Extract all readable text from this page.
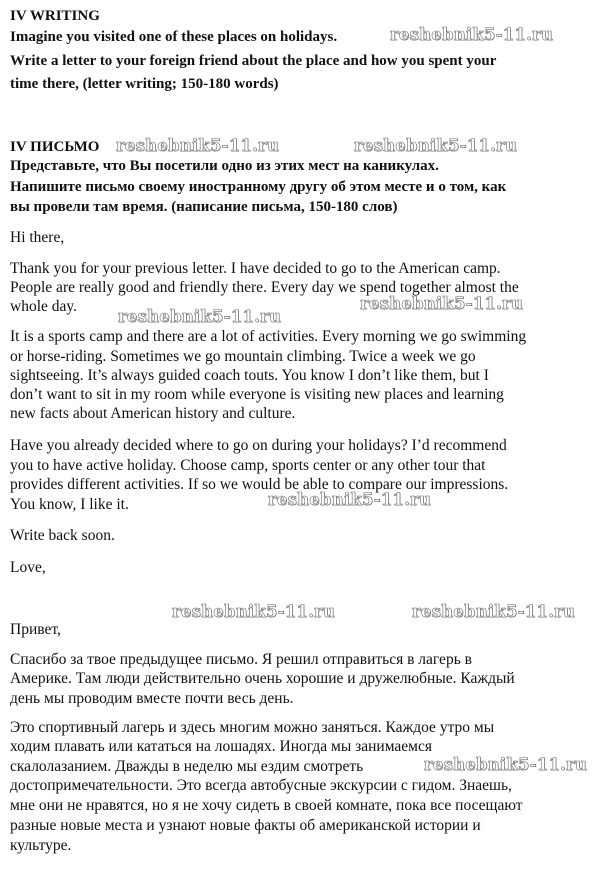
IV WRITING
Imagine you visited one of these places on holidays.
Write a letter to your foreign friend about the place and how you spent your
time there, (letter writing; 150-180 words)
IV ПИСЬМО
Представьте, что Вы посетили одно из этих мест на каникулах.
Напишите письмо своему иностранному другу об этом месте и о том, как
вы провели там время. (написание письма, 150-180 слов)
Hi there,
Thank you for your previous letter. I have decided to go to the American camp.
People are really good and friendly there. Every day we spend together almost the
whole day.
It is a sports camp and there are a lot of activities. Every morning we go swimming
or horse-riding. Sometimes we go mountain climbing. Twice a week we go
sightseeing. It’s always guided coach touts. You know I don’t like them, but I
don’t want to sit in my room while everyone is visiting new places and learning
new facts about American history and culture.
Have you already decided where to go on during your holidays? I’d recommend
you to have active holiday. Choose camp, sports center or any other tour that
provides different activities. If so we would be able to compare our impressions.
You know, I like it.
Write back soon.
Love,
Привет,
Спасибо за твое предыдущее письмо. Я решил отправиться в лагерь в
Америке. Там люди действительно очень хорошие и дружелюбные. Каждый
день мы проводим вместе почти весь день.
Это спортивный лагерь и здесь многим можно заняться. Каждое утро мы
ходим плавать или кататься на лошадях. Иногда мы занимаемся
скалолазанием. Дважды в неделю мы ездим смотреть
достопримечательности. Это всегда автобусные экскурсии с гидом. Знаешь,
мне они не нравятся, но я не хочу сидеть в своей комнате, пока все посещают
разные новые места и узнают новые факты об американской истории и
культуре.
reshebnik5-11.ru
reshebnik5-11.ru	reshebnik5-11.ru
reshebnik5-11.ru
reshebnik5-11.ru
reshebnik5-11.ru
reshebnik5-11.ru	reshebnik5-11.ru
reshebnik5-11.ru
